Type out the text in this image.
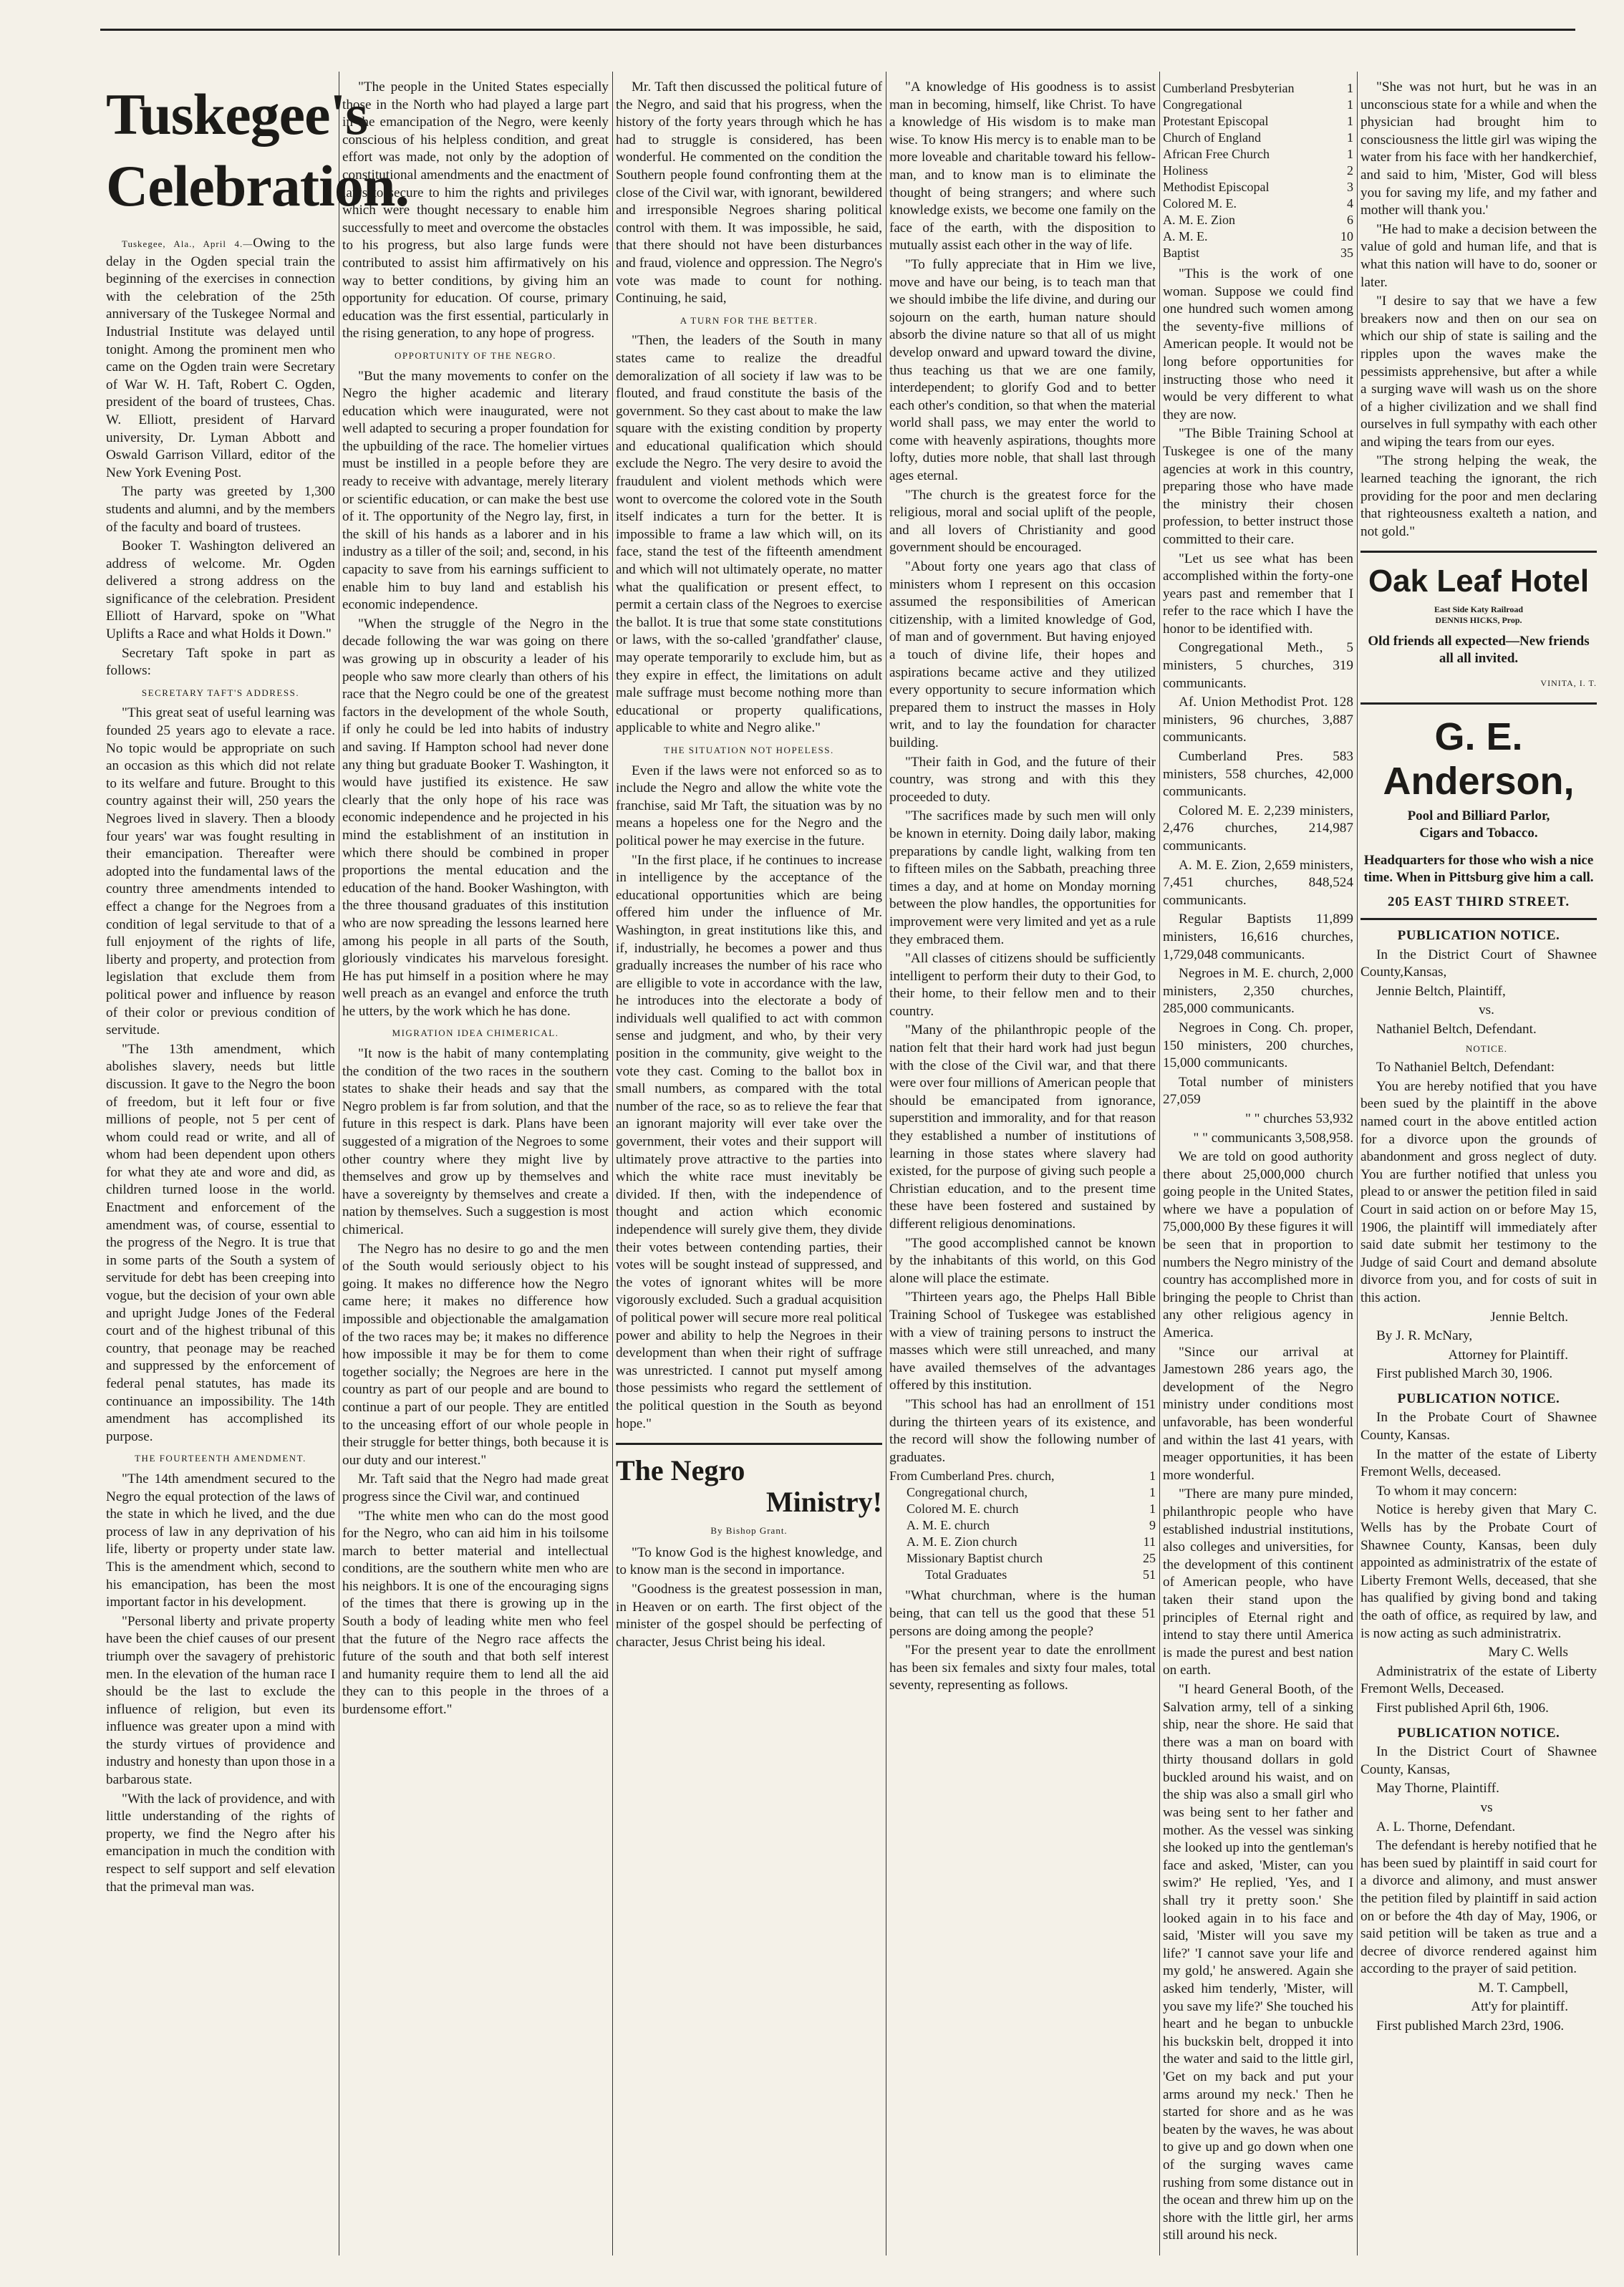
Tuskegee's Celebration.

Tuskegee, Ala., April 4.—Owing to the delay in the Ogden special train the beginning of the exercises in connection with the celebration of the 25th anniversary of the Tuskegee Normal and Industrial Institute was delayed until tonight. Among the prominent men who came on the Ogden train were Secretary of War W. H. Taft, Robert C. Ogden, president of the board of trustees, Chas. W. Elliott, president of Harvard university, Dr. Lyman Abbott and Oswald Garrison Villard, editor of the New York Evening Post.

The party was greeted by 1,300 students and alumni, and by the members of the faculty and board of trustees.

Booker T. Washington delivered an address of welcome. Mr. Ogden delivered a strong address on the significance of the celebration. President Elliott of Harvard, spoke on "What Uplifts a Race and what Holds it Down."

Secretary Taft spoke in part as follows:

SECRETARY TAFT'S ADDRESS.

"This great seat of useful learning was founded 25 years ago to elevate a race. No topic would be appropriate on such an occasion as this which did not relate to its welfare and future. Brought to this country against their will, 250 years the Negroes lived in slavery. Then a bloody four years' war was fought resulting in their emancipation. Thereafter were adopted into the fundamental laws of the country three amendments intended to effect a change for the Negroes from a condition of legal servitude to that of a full enjoyment of the rights of life, liberty and property, and protection from legislation that exclude them from political power and influence by reason of their color or previous condition of servitude.

"The 13th amendment, which abolishes slavery, needs but little discussion. It gave to the Negro the boon of freedom, but it left four or five millions of people, not 5 per cent of whom could read or write, and all of whom had been dependent upon others for what they ate and wore and did, as children turned loose in the world. Enactment and enforcement of the amendment was, of course, essential to the progress of the Negro. It is true that in some parts of the South a system of servitude for debt has been creeping into vogue, but the decision of your own able and upright Judge Jones of the Federal court and of the highest tribunal of this country, that peonage may be reached and suppressed by the enforcement of federal penal statutes, has made its continuance an impossibility. The 14th amendment has accomplished its purpose.

THE FOURTEENTH AMENDMENT.

"The 14th amendment secured to the Negro the equal protection of the laws of the state in which he lived, and the due process of law in any deprivation of his life, liberty or property under state law. This is the amendment which, second to his emancipation, has been the most important factor in his development.

"Personal liberty and private property have been the chief causes of our present triumph over the savagery of prehistoric men. In the elevation of the human race I should be the last to exclude the influence of religion, but even its influence was greater upon a mind with the sturdy virtues of providence and industry and honesty than upon those in a barbarous state.

"With the lack of providence, and with little understanding of the rights of property, we find the Negro after his emancipation in much the condition with respect to self support and self elevation that the primeval man was.

"The people in the United States especially those in the North who had played a large part in the emancipation of the Negro, were keenly conscious of his helpless condition, and great effort was made, not only by the adoption of constitutional amendments and the enactment of laws to secure to him the rights and privileges which were thought necessary to enable him successfully to meet and overcome the obstacles to his progress, but also large funds were contributed to assist him affirmatively on his way to better conditions, by giving him an opportunity for education. Of course, primary education was the first essential, particularly in the rising generation, to any hope of progress.

OPPORTUNITY OF THE NEGRO.

"But the many movements to confer on the Negro the higher academic and literary education which were inaugurated, were not well adapted to securing a proper foundation for the upbuilding of the race. The homelier virtues must be instilled in a people before they are ready to receive with advantage, merely literary or scientific education, or can make the best use of it. The opportunity of the Negro lay, first, in the skill of his hands as a laborer and in his industry as a tiller of the soil; and, second, in his capacity to save from his earnings sufficient to enable him to buy land and establish his economic independence.

"When the struggle of the Negro in the decade following the war was going on there was growing up in obscurity a leader of his people who saw more clearly than others of his race that the Negro could be one of the greatest factors in the development of the whole South, if only he could be led into habits of industry and saving. If Hampton school had never done any thing but graduate Booker T. Washington, it would have justified its existence. He saw clearly that the only hope of his race was economic independence and he projected in his mind the establishment of an institution in which there should be combined in proper proportions the mental education and the education of the hand. Booker Washington, with the three thousand graduates of this institution who are now spreading the lessons learned here among his people in all parts of the South, gloriously vindicates his marvelous foresight. He has put himself in a position where he may well preach as an evangel and enforce the truth he utters, by the work which he has done.

MIGRATION IDEA CHIMERICAL.

"It now is the habit of many contemplating the condition of the two races in the southern states to shake their heads and say that the Negro problem is far from solution, and that the future in this respect is dark. Plans have been suggested of a migration of the Negroes to some other country where they might live by themselves and grow up by themselves and have a sovereignty by themselves and create a nation by themselves. Such a suggestion is most chimerical.

The Negro has no desire to go and the men of the South would seriously object to his going. It makes no difference how the Negro came here; it makes no difference how impossible and objectionable the amalgamation of the two races may be; it makes no difference how impossible it may be for them to come together socially; the Negroes are here in the country as part of our people and are bound to continue a part of our people. They are entitled to the unceasing effort of our whole people in their struggle for better things, both because it is our duty and our interest."

Mr. Taft said that the Negro had made great progress since the Civil war, and continued

"The white men who can do the most good for the Negro, who can aid him in his toilsome march to better material and intellectual conditions, are the southern white men who are his neighbors. It is one of the encouraging signs of the times that there is growing up in the South a body of leading white men who feel that the future of the Negro race affects the future of the south and that both self interest and humanity require them to lend all the aid they can to this people in the throes of a burdensome effort."

Mr. Taft then discussed the political future of the Negro, and said that his progress, when the history of the forty years through which he has had to struggle is considered, has been wonderful. He commented on the condition the Southern people found confronting them at the close of the Civil war, with ignorant, bewildered and irresponsible Negroes sharing political control with them. It was impossible, he said, that there should not have been disturbances and fraud, violence and oppression. The Negro's vote was made to count for nothing. Continuing, he said,

A TURN FOR THE BETTER.

"Then, the leaders of the South in many states came to realize the dreadful demoralization of all society if law was to be flouted, and fraud constitute the basis of the government. So they cast about to make the law square with the existing condition by property and educational qualification which should exclude the Negro. The very desire to avoid the fraudulent and violent methods which were wont to overcome the colored vote in the South itself indicates a turn for the better. It is impossible to frame a law which will, on its face, stand the test of the fifteenth amendment and which will not ultimately operate, no matter what the qualification or present effect, to permit a certain class of the Negroes to exercise the ballot. It is true that some state constitutions or laws, with the so-called 'grandfather' clause, may operate temporarily to exclude him, but as they expire in effect, the limitations on adult male suffrage must become nothing more than educational or property qualifications, applicable to white and Negro alike."

THE SITUATION NOT HOPELESS.

Even if the laws were not enforced so as to include the Negro and allow the white vote the franchise, said Mr Taft, the situation was by no means a hopeless one for the Negro and the political power he may exercise in the future.

"In the first place, if he continues to increase in intelligence by the acceptance of the educational opportunities which are being offered him under the influence of Mr. Washington, in great institutions like this, and if, industrially, he becomes a power and thus gradually increases the number of his race who are elligible to vote in accordance with the law, he introduces into the electorate a body of individuals well qualified to act with common sense and judgment, and who, by their very position in the community, give weight to the vote they cast. Coming to the ballot box in small numbers, as compared with the total number of the race, so as to relieve the fear that an ignorant majority will ever take over the government, their votes and their support will ultimately prove attractive to the parties into which the white race must inevitably be divided. If then, with the independence of thought and action which economic independence will surely give them, they divide their votes between contending parties, their votes will be sought instead of suppressed, and the votes of ignorant whites will be more vigorously excluded. Such a gradual acquisition of political power will secure more real political power and ability to help the Negroes in their development than when their right of suffrage was unrestricted. I cannot put myself among those pessimists who regard the settlement of the political question in the South as beyond hope."

The Negro
Ministry!
By Bishop Grant.

"To know God is the highest knowledge, and to know man is the second in importance.

"Goodness is the greatest possession in man, in Heaven or on earth. The first object of the minister of the gospel should be perfecting of character, Jesus Christ being his ideal.

"A knowledge of His goodness is to assist man in becoming, himself, like Christ. To have a knowledge of His wisdom is to make man wise. To know His mercy is to enable man to be more loveable and charitable toward his fellow-man, and to know man is to eliminate the thought of being strangers; and where such knowledge exists, we become one family on the face of the earth, with the disposition to mutually assist each other in the way of life.

"To fully appreciate that in Him we live, move and have our being, is to teach man that we should imbibe the life divine, and during our sojourn on the earth, human nature should absorb the divine nature so that all of us might develop onward and upward toward the divine, thus teaching us that we are one family, interdependent; to glorify God and to better each other's condition, so that when the material world shall pass, we may enter the world to come with heavenly aspirations, thoughts more lofty, duties more noble, that shall last through ages eternal.

"The church is the greatest force for the religious, moral and social uplift of the people, and all lovers of Christianity and good government should be encouraged.

"About forty one years ago that class of ministers whom I represent on this occasion assumed the responsibilities of American citizenship, with a limited knowledge of God, of man and of government. But having enjoyed a touch of divine life, their hopes and aspirations became active and they utilized every opportunity to secure information which prepared them to instruct the masses in Holy writ, and to lay the foundation for character building.

"Their faith in God, and the future of their country, was strong and with this they proceeded to duty.

"The sacrifices made by such men will only be known in eternity. Doing daily labor, making preparations by candle light, walking from ten to fifteen miles on the Sabbath, preaching three times a day, and at home on Monday morning between the plow handles, the opportunities for improvement were very limited and yet as a rule they embraced them.

"All classes of citizens should be sufficiently intelligent to perform their duty to their God, to their home, to their fellow men and to their country.

"Many of the philanthropic people of the nation felt that their hard work had just begun with the close of the Civil war, and that there were over four millions of American people that should be emancipated from ignorance, superstition and immorality, and for that reason they established a number of institutions of learning in those states where slavery had existed, for the purpose of giving such people a Christian education, and to the present time these have been fostered and sustained by different religious denominations.

"The good accomplished cannot be known by the inhabitants of this world, on this God alone will place the estimate.

"Thirteen years ago, the Phelps Hall Bible Training School of Tuskegee was established with a view of training persons to instruct the masses which were still unreached, and many have availed themselves of the advantages offered by this institution.

"This school has had an enrollment of 151 during the thirteen years of its existence, and the record will show the following number of graduates.

From Cumberland Pres. church,	1
Congregational church,	1
Colored M. E. church	1
A. M. E. church	9
A. M. E. Zion church	11
Missionary Baptist church	25
Total Graduates	51

"What churchman, where is the human being, that can tell us the good that these 51 persons are doing among the people?

"For the present year to date the enrollment has been six females and sixty four males, total seventy, representing as follows.

Cumberland Presbyterian	1
Congregational	1
Protestant Episcopal	1
Church of England	1
African Free Church	1
Holiness	2
Methodist Episcopal	3
Colored M. E.	4
A. M. E. Zion	6
A. M. E.	10
Baptist	35

"This is the work of one woman. Suppose we could find one hundred such women among the seventy-five millions of American people. It would not be long before opportunities for instructing those who need it would be very different to what they are now.

"The Bible Training School at Tuskegee is one of the many agencies at work in this country, preparing those who have made the ministry their chosen profession, to better instruct those committed to their care.

"Let us see what has been accomplished within the forty-one years past and remember that I refer to the race which I have the honor to be identified with.

Congregational Meth., 5 ministers, 5 churches, 319 communicants.

Af. Union Methodist Prot. 128 ministers, 96 churches, 3,887 communicants.

Cumberland Pres. 583 ministers, 558 churches, 42,000 communicants.

Colored M. E. 2,239 ministers, 2,476 churches, 214,987 communicants.

A. M. E. Zion, 2,659 ministers, 7,451 churches, 848,524 communicants.

Regular Baptists 11,899 ministers, 16,616 churches, 1,729,048 communicants.

Negroes in M. E. church, 2,000 ministers, 2,350 churches, 285,000 communicants.

Negroes in Cong. Ch. proper, 150 ministers, 200 churches, 15,000 communicants.

Total number of ministers 27,059

" " churches 53,932

" " communicants 3,508,958.

We are told on good authority there about 25,000,000 church going people in the United States, where we have a population of 75,000,000 By these figures it will be seen that in proportion to numbers the Negro ministry of the country has accomplished more in bringing the people to Christ than any other religious agency in America.

"Since our arrival at Jamestown 286 years ago, the development of the Negro ministry under conditions most unfavorable, has been wonderful and within the last 41 years, with meager opportunities, it has been more wonderful.

"There are many pure minded, philanthropic people who have established industrial institutions, also colleges and universities, for the development of this continent of American people, who have taken their stand upon the principles of Eternal right and intend to stay there until America is made the purest and best nation on earth.

"I heard General Booth, of the Salvation army, tell of a sinking ship, near the shore. He said that there was a man on board with thirty thousand dollars in gold buckled around his waist, and on the ship was also a small girl who was being sent to her father and mother. As the vessel was sinking she looked up into the gentleman's face and asked, 'Mister, can you swim?' He replied, 'Yes, and I shall try it pretty soon.' She looked again in to his face and said, 'Mister will you save my life?' 'I cannot save your life and my gold,' he answered. Again she asked him tenderly, 'Mister, will you save my life?' She touched his heart and he began to unbuckle his buckskin belt, dropped it into the water and said to the little girl, 'Get on my back and put your arms around my neck.' Then he started for shore and as he was beaten by the waves, he was about to give up and go down when one of the surging waves came rushing from some distance out in the ocean and threw him up on the shore with the little girl, her arms still around his neck.

"She was not hurt, but he was in an unconscious state for a while and when the physician had brought him to consciousness the little girl was wiping the water from his face with her handkerchief, and said to him, 'Mister, God will bless you for saving my life, and my father and mother will thank you.'

"He had to make a decision between the value of gold and human life, and that is what this nation will have to do, sooner or later.

"I desire to say that we have a few breakers now and then on our sea on which our ship of state is sailing and the ripples upon the waves make the pessimists apprehensive, but after a while a surging wave will wash us on the shore of a higher civilization and we shall find ourselves in full sympathy with each other and wiping the tears from our eyes.

"The strong helping the weak, the learned teaching the ignorant, the rich providing for the poor and men declaring that righteousness exalteth a nation, and not gold."

Oak Leaf Hotel
East Side Katy Railroad
DENNIS HICKS, Prop.
Old friends all expected—New friends all all invited.
VINITA, I. T.
G. E. Anderson,
Pool and Billiard Parlor,
Cigars and Tobacco.
Headquarters for those who wish a nice time. When in Pittsburg give him a call.
205 EAST THIRD STREET.
PUBLICATION NOTICE.

In the District Court of Shawnee County,Kansas,

Jennie Beltch, Plaintiff,

vs.

Nathaniel Beltch, Defendant.

NOTICE.

To Nathaniel Beltch, Defendant:

You are hereby notified that you have been sued by the plaintiff in the above named court in the above entitled action for a divorce upon the grounds of abandonment and gross neglect of duty. You are further notified that unless you plead to or answer the petition filed in said Court in said action on or before May 15, 1906, the plaintiff will immediately after said date submit her testimony to the Judge of said Court and demand absolute divorce from you, and for costs of suit in this action.

Jennie Beltch.

By J. R. McNary,

Attorney for Plaintiff.

First published March 30, 1906.

PUBLICATION NOTICE.

In the Probate Court of Shawnee County, Kansas.

In the matter of the estate of Liberty Fremont Wells, deceased.

To whom it may concern:

Notice is hereby given that Mary C. Wells has by the Probate Court of Shawnee County, Kansas, been duly appointed as administratrix of the estate of Liberty Fremont Wells, deceased, that she has qualified by giving bond and taking the oath of office, as required by law, and is now acting as such administratrix.

Mary C. Wells

Administratrix of the estate of Liberty Fremont Wells, Deceased.

First published April 6th, 1906.

PUBLICATION NOTICE.

In the District Court of Shawnee County, Kansas,

May Thorne, Plaintiff.

vs

A. L. Thorne, Defendant.

The defendant is hereby notified that he has been sued by plaintiff in said court for a divorce and alimony, and must answer the petition filed by plaintiff in said action on or before the 4th day of May, 1906, or said petition will be taken as true and a decree of divorce rendered against him according to the prayer of said petition.

M. T. Campbell,

Att'y for plaintiff.

First published March 23rd, 1906.
